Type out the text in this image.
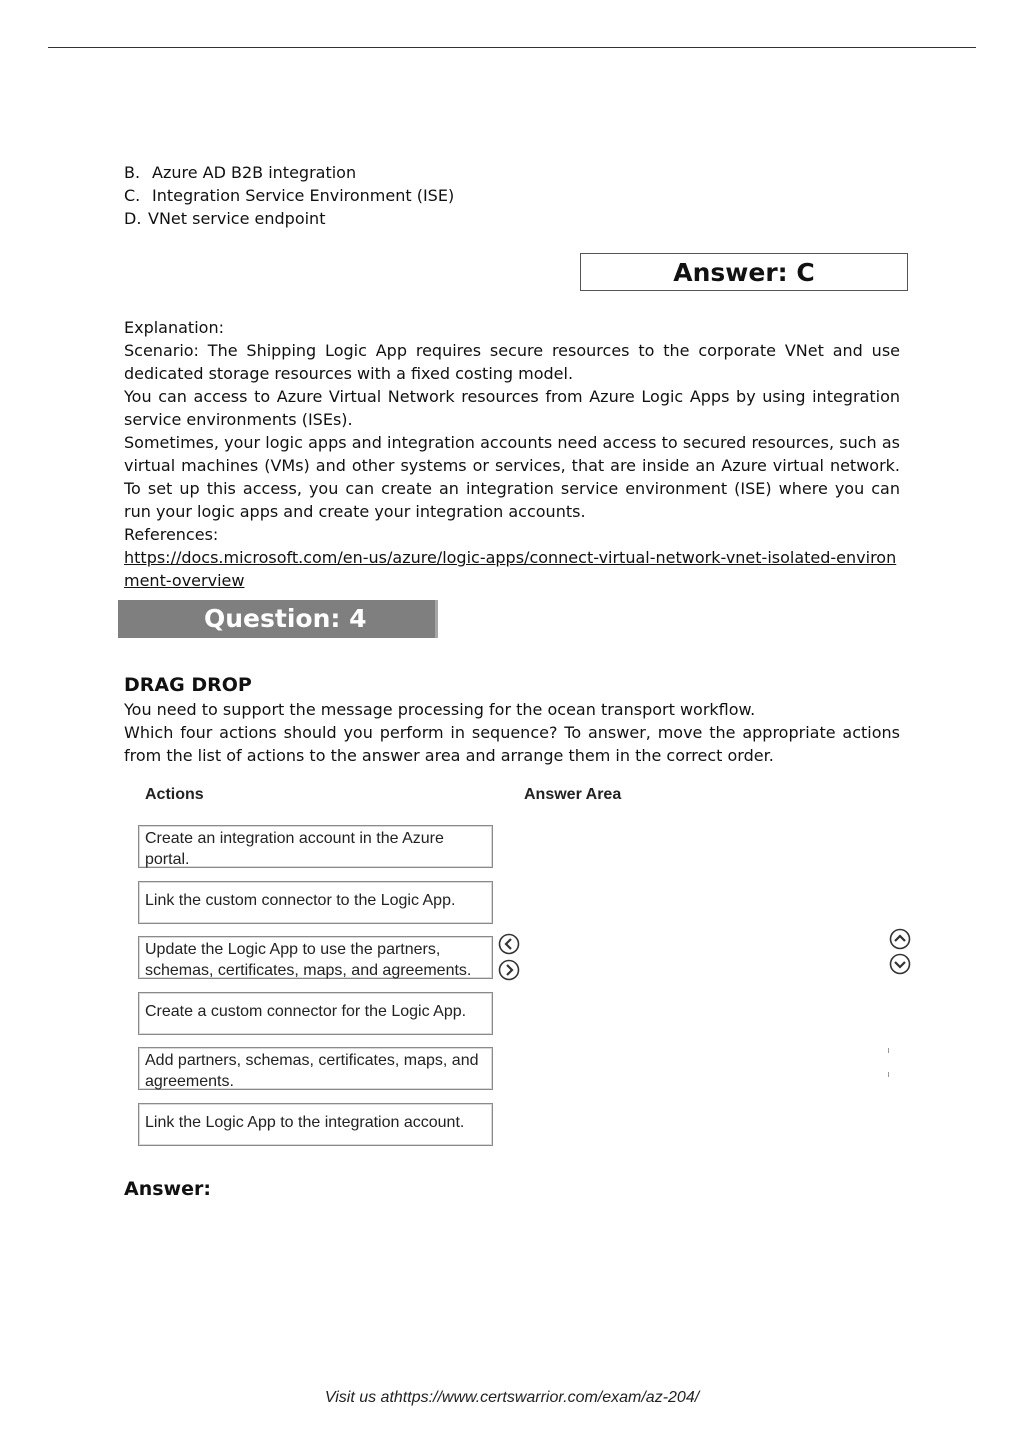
B. Azure AD B2B integration
C. Integration Service Environment (ISE)
D. VNet service endpoint
Answer: C

Explanation:

Scenario: The Shipping Logic App requires secure resources to the corporate VNet and use dedicated storage resources with a fixed costing model.

You can access to Azure Virtual Network resources from Azure Logic Apps by using integration service environments (ISEs).

Sometimes, your logic apps and integration accounts need access to secured resources, such as virtual machines (VMs) and other systems or services, that are inside an Azure virtual network. To set up this access, you can create an integration service environment (ISE) where you can run your logic apps and create your integration accounts.

References:

https://docs.microsoft.com/en-us/azure/logic-apps/connect-virtual-network-vnet-isolated-environment-overview

Question: 4

DRAG DROP

You need to support the message processing for the ocean transport workflow.

Which four actions should you perform in sequence? To answer, move the appropriate actions from the list of actions to the answer area and arrange them in the correct order.

Actions	Answer Area
Create an integration account in the Azure portal.
Link the custom connector to the Logic App.
Update the Logic App to use the partners, schemas, certificates, maps, and agreements.
Create a custom connector for the Logic App.
Add partners, schemas, certificates, maps, and agreements.
Link the Logic App to the integration account.
Answer:
Visit us athttps://www.certswarrior.com/exam/az-204/
